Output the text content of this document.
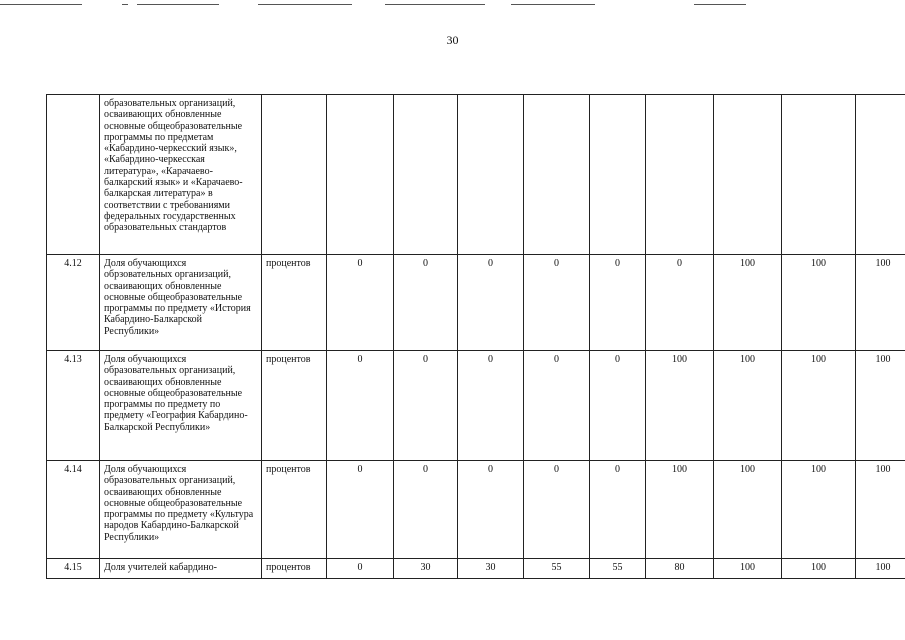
30
	образовательных организаций, осваивающих обновленные основные общеобразовательные программы по предметам «Кабардино-черкесский язык», «Кабардино-черкесская литература», «Карачаево-балкарский язык» и «Карачаево-балкарская литература» в соответствии с требованиями федеральных государственных образовательных стандартов										
4.12	Доля обучающихся обрзовательных организаций, осваивающих обновленные основные общеобразовательные программы по предмету «История Кабардино-Балкарской Республики»	процентов	0	0	0	0	0	0	100	100	100
4.13	Доля обучающихся образовательных организаций, осваивающих обновленные основные общеобразовательные программы по предмету по предмету «География Кабардино-Балкарской Республики»	процентов	0	0	0	0	0	100	100	100	100
4.14	Доля обучающихся образовательных организаций, осваивающих обновленные основные общеобразовательные программы по предмету «Культура народов Кабардино-Балкарской Республики»	процентов	0	0	0	0	0	100	100	100	100
4.15	Доля учителей кабардино-	процентов	0	30	30	55	55	80	100	100	100
